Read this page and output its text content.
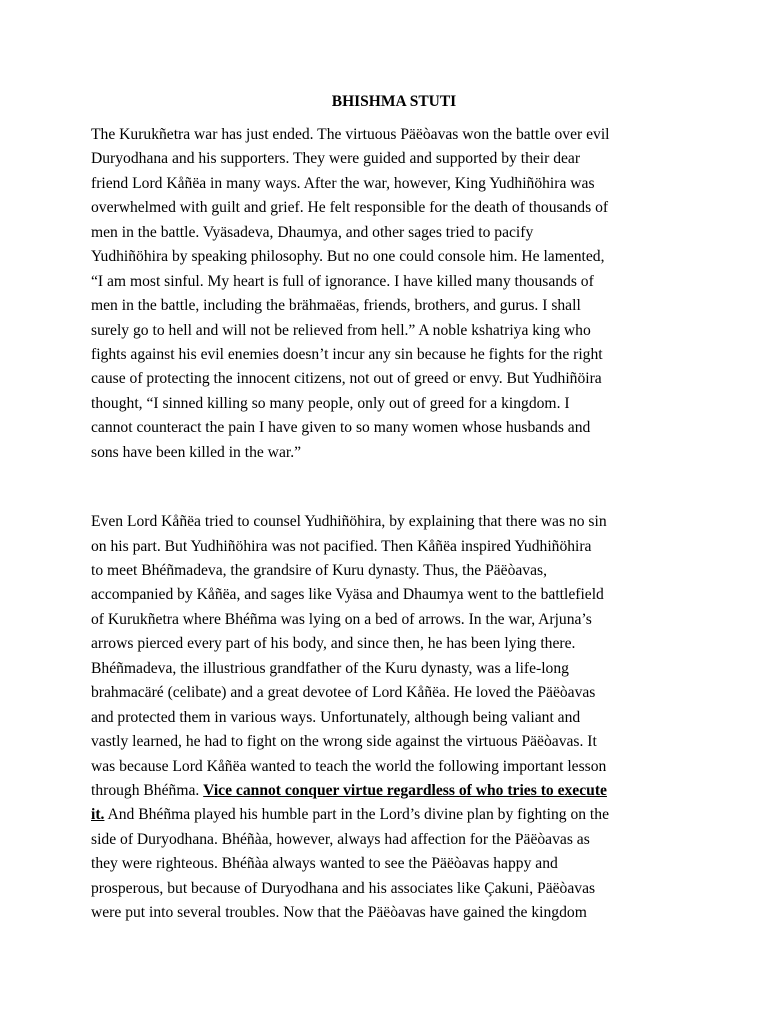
BHISHMA STUTI
The Kurukñetra war has just ended. The virtuous Päëòavas won the battle over evil
Duryodhana and his supporters. They were guided and supported by their dear
friend Lord Kåñëa in many ways. After the war, however, King Yudhiñöhira was
overwhelmed with guilt and grief. He felt responsible for the death of thousands of
men in the battle. Vyäsadeva, Dhaumya, and other sages tried to pacify
Yudhiñöhira by speaking philosophy. But no one could console him. He lamented,
“I am most sinful. My heart is full of ignorance. I have killed many thousands of
men in the battle, including the brähmaëas, friends, brothers, and gurus. I shall
surely go to hell and will not be relieved from hell.” A noble kshatriya king who
fights against his evil enemies doesn’t incur any sin because he fights for the right
cause of protecting the innocent citizens, not out of greed or envy. But Yudhiñöira
thought, “I sinned killing so many people, only out of greed for a kingdom. I
cannot counteract the pain I have given to so many women whose husbands and
sons have been killed in the war.”
Even Lord Kåñëa tried to counsel Yudhiñöhira, by explaining that there was no sin
on his part. But Yudhiñöhira was not pacified. Then Kåñëa inspired Yudhiñöhira
to meet Bhéñmadeva, the grandsire of Kuru dynasty. Thus, the Päëòavas,
accompanied by Kåñëa, and sages like Vyäsa and Dhaumya went to the battlefield
of Kurukñetra where Bhéñma was lying on a bed of arrows. In the war, Arjuna’s
arrows pierced every part of his body, and since then, he has been lying there.
Bhéñmadeva, the illustrious grandfather of the Kuru dynasty, was a life-long
brahmacäré (celibate) and a great devotee of Lord Kåñëa. He loved the Päëòavas
and protected them in various ways. Unfortunately, although being valiant and
vastly learned, he had to fight on the wrong side against the virtuous Päëòavas. It
was because Lord Kåñëa wanted to teach the world the following important lesson
through Bhéñma. Vice cannot conquer virtue regardless of who tries to execute
it. And Bhéñma played his humble part in the Lord’s divine plan by fighting on the
side of Duryodhana. Bhéñàa, however, always had affection for the Päëòavas as
they were righteous. Bhéñàa always wanted to see the Päëòavas happy and
prosperous, but because of Duryodhana and his associates like Çakuni, Päëòavas
were put into several troubles. Now that the Päëòavas have gained the kingdom
